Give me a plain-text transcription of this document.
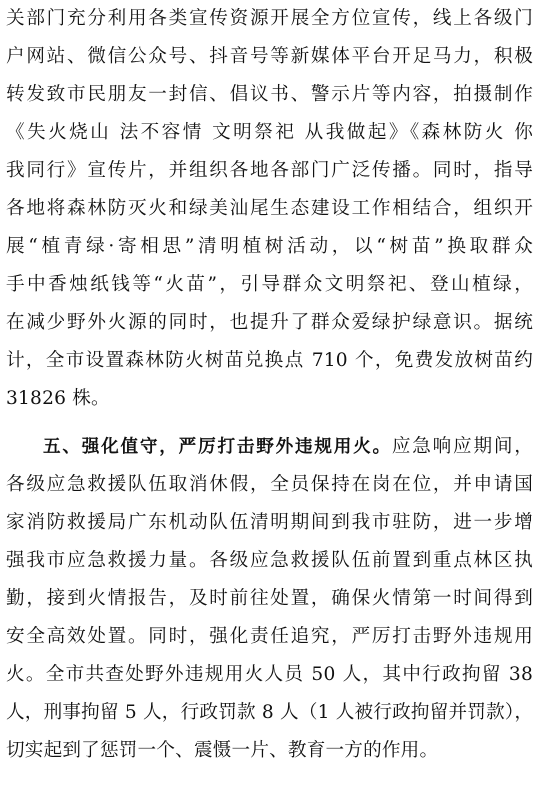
关部门充分利用各类宣传资源开展全方位宣传，线上各级门
户网站、微信公众号、抖音号等新媒体平台开足马力，积极
转发致市民朋友一封信、倡议书、警示片等内容，拍摄制作
《失火烧山 法不容情 文明祭祀 从我做起》《森林防火 你
我同行》宣传片，并组织各地各部门广泛传播。同时，指导
各地将森林防灭火和绿美汕尾生态建设工作相结合，组织开
展“植青绿·寄相思”清明植树活动，以“树苗”换取群众
手中香烛纸钱等“火苗”，引导群众文明祭祀、登山植绿，
在减少野外火源的同时，也提升了群众爱绿护绿意识。据统
计，全市设置森林防火树苗兑换点 710 个，免费发放树苗约
31826 株。
五、强化值守，严厉打击野外违规用火。应急响应期间，
各级应急救援队伍取消休假，全员保持在岗在位，并申请国
家消防救援局广东机动队伍清明期间到我市驻防，进一步增
强我市应急救援力量。各级应急救援队伍前置到重点林区执
勤，接到火情报告，及时前往处置，确保火情第一时间得到
安全高效处置。同时，强化责任追究，严厉打击野外违规用
火。全市共查处野外违规用火人员 50 人，其中行政拘留 38
人，刑事拘留 5 人，行政罚款 8 人（1 人被行政拘留并罚款），
切实起到了惩罚一个、震慑一片、教育一方的作用。
